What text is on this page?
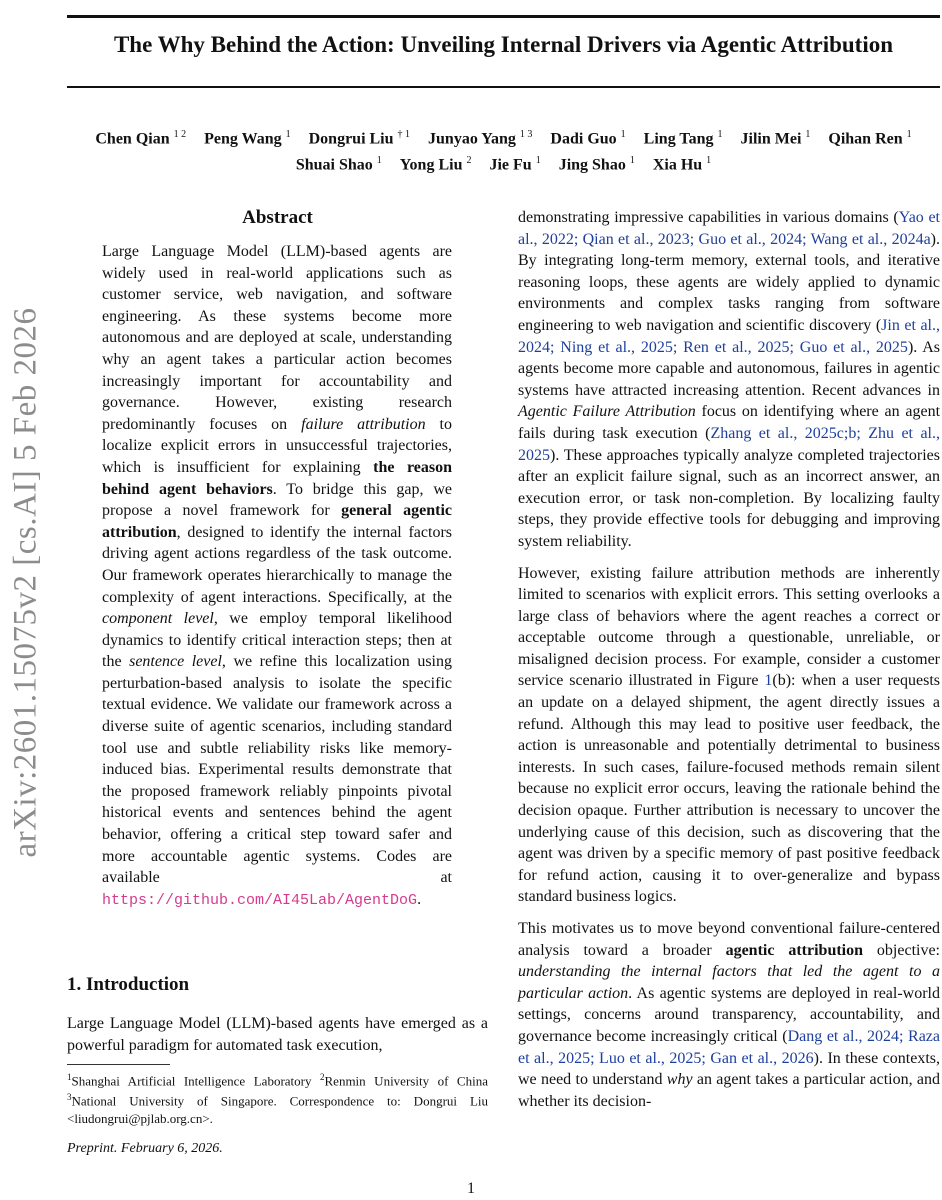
arXiv:2601.15075v2 [cs.AI] 5 Feb 2026
The Why Behind the Action: Unveiling Internal Drivers via Agentic Attribution
Chen Qian $^{1 2}$ Peng Wang $^1$ Dongrui Liu $^{\dagger 1}$ Junyao Yang $^{1 3}$ Dadi Guo $^1$ Ling Tang $^1$ Jilin Mei $^1$ Qihan Ren $^1$
Shuai Shao $^1$ Yong Liu $^2$ Jie Fu $^1$ Jing Shao $^1$ Xia Hu $^1$
Abstract

Large Language Model (LLM)-based agents are widely used in real-world applications such as customer service, web navigation, and software engineering. As these systems become more autonomous and are deployed at scale, understanding why an agent takes a particular action becomes increasingly important for accountability and governance. However, existing research predominantly focuses on failure attribution to localize explicit errors in unsuccessful trajectories, which is insufficient for explaining the reason behind agent behaviors. To bridge this gap, we propose a novel framework for general agentic attribution, designed to identify the internal factors driving agent actions regardless of the task outcome. Our framework operates hierarchically to manage the complexity of agent interactions. Specifically, at the component level, we employ temporal likelihood dynamics to identify critical interaction steps; then at the sentence level, we refine this localization using perturbation-based analysis to isolate the specific textual evidence. We validate our framework across a diverse suite of agentic scenarios, including standard tool use and subtle reliability risks like memory-induced bias. Experimental results demonstrate that the proposed framework reliably pinpoints pivotal historical events and sentences behind the agent behavior, offering a critical step toward safer and more accountable agentic systems. Codes are available at https://github.com/AI45Lab/AgentDoG.

1. Introduction

Large Language Model (LLM)-based agents have emerged as a powerful paradigm for automated task execution,

$^1$Shanghai Artificial Intelligence Laboratory $^2$Renmin University of China $^3$National University of Singapore. Correspondence to: Dongrui Liu <liudongrui@pjlab.org.cn>.
Preprint. February 6, 2026.

demonstrating impressive capabilities in various domains (Yao et al., 2022; Qian et al., 2023; Guo et al., 2024; Wang et al., 2024a). By integrating long-term memory, external tools, and iterative reasoning loops, these agents are widely applied to dynamic environments and complex tasks ranging from software engineering to web navigation and scientific discovery (Jin et al., 2024; Ning et al., 2025; Ren et al., 2025; Guo et al., 2025). As agents become more capable and autonomous, failures in agentic systems have attracted increasing attention. Recent advances in Agentic Failure Attribution focus on identifying where an agent fails during task execution (Zhang et al., 2025c;b; Zhu et al., 2025). These approaches typically analyze completed trajectories after an explicit failure signal, such as an incorrect answer, an execution error, or task non-completion. By localizing faulty steps, they provide effective tools for debugging and improving system reliability.

However, existing failure attribution methods are inherently limited to scenarios with explicit errors. This setting overlooks a large class of behaviors where the agent reaches a correct or acceptable outcome through a questionable, unreliable, or misaligned decision process. For example, consider a customer service scenario illustrated in Figure 1(b): when a user requests an update on a delayed shipment, the agent directly issues a refund. Although this may lead to positive user feedback, the action is unreasonable and potentially detrimental to business interests. In such cases, failure-focused methods remain silent because no explicit error occurs, leaving the rationale behind the decision opaque. Further attribution is necessary to uncover the underlying cause of this decision, such as discovering that the agent was driven by a specific memory of past positive feedback for refund action, causing it to over-generalize and bypass standard business logics.

This motivates us to move beyond conventional failure-centered analysis toward a broader agentic attribution objective: understanding the internal factors that led the agent to a particular action. As agentic systems are deployed in real-world settings, concerns around transparency, accountability, and governance become increasingly critical (Dang et al., 2024; Raza et al., 2025; Luo et al., 2025; Gan et al., 2026). In these contexts, we need to understand why an agent takes a particular action, and whether its decision-

1
